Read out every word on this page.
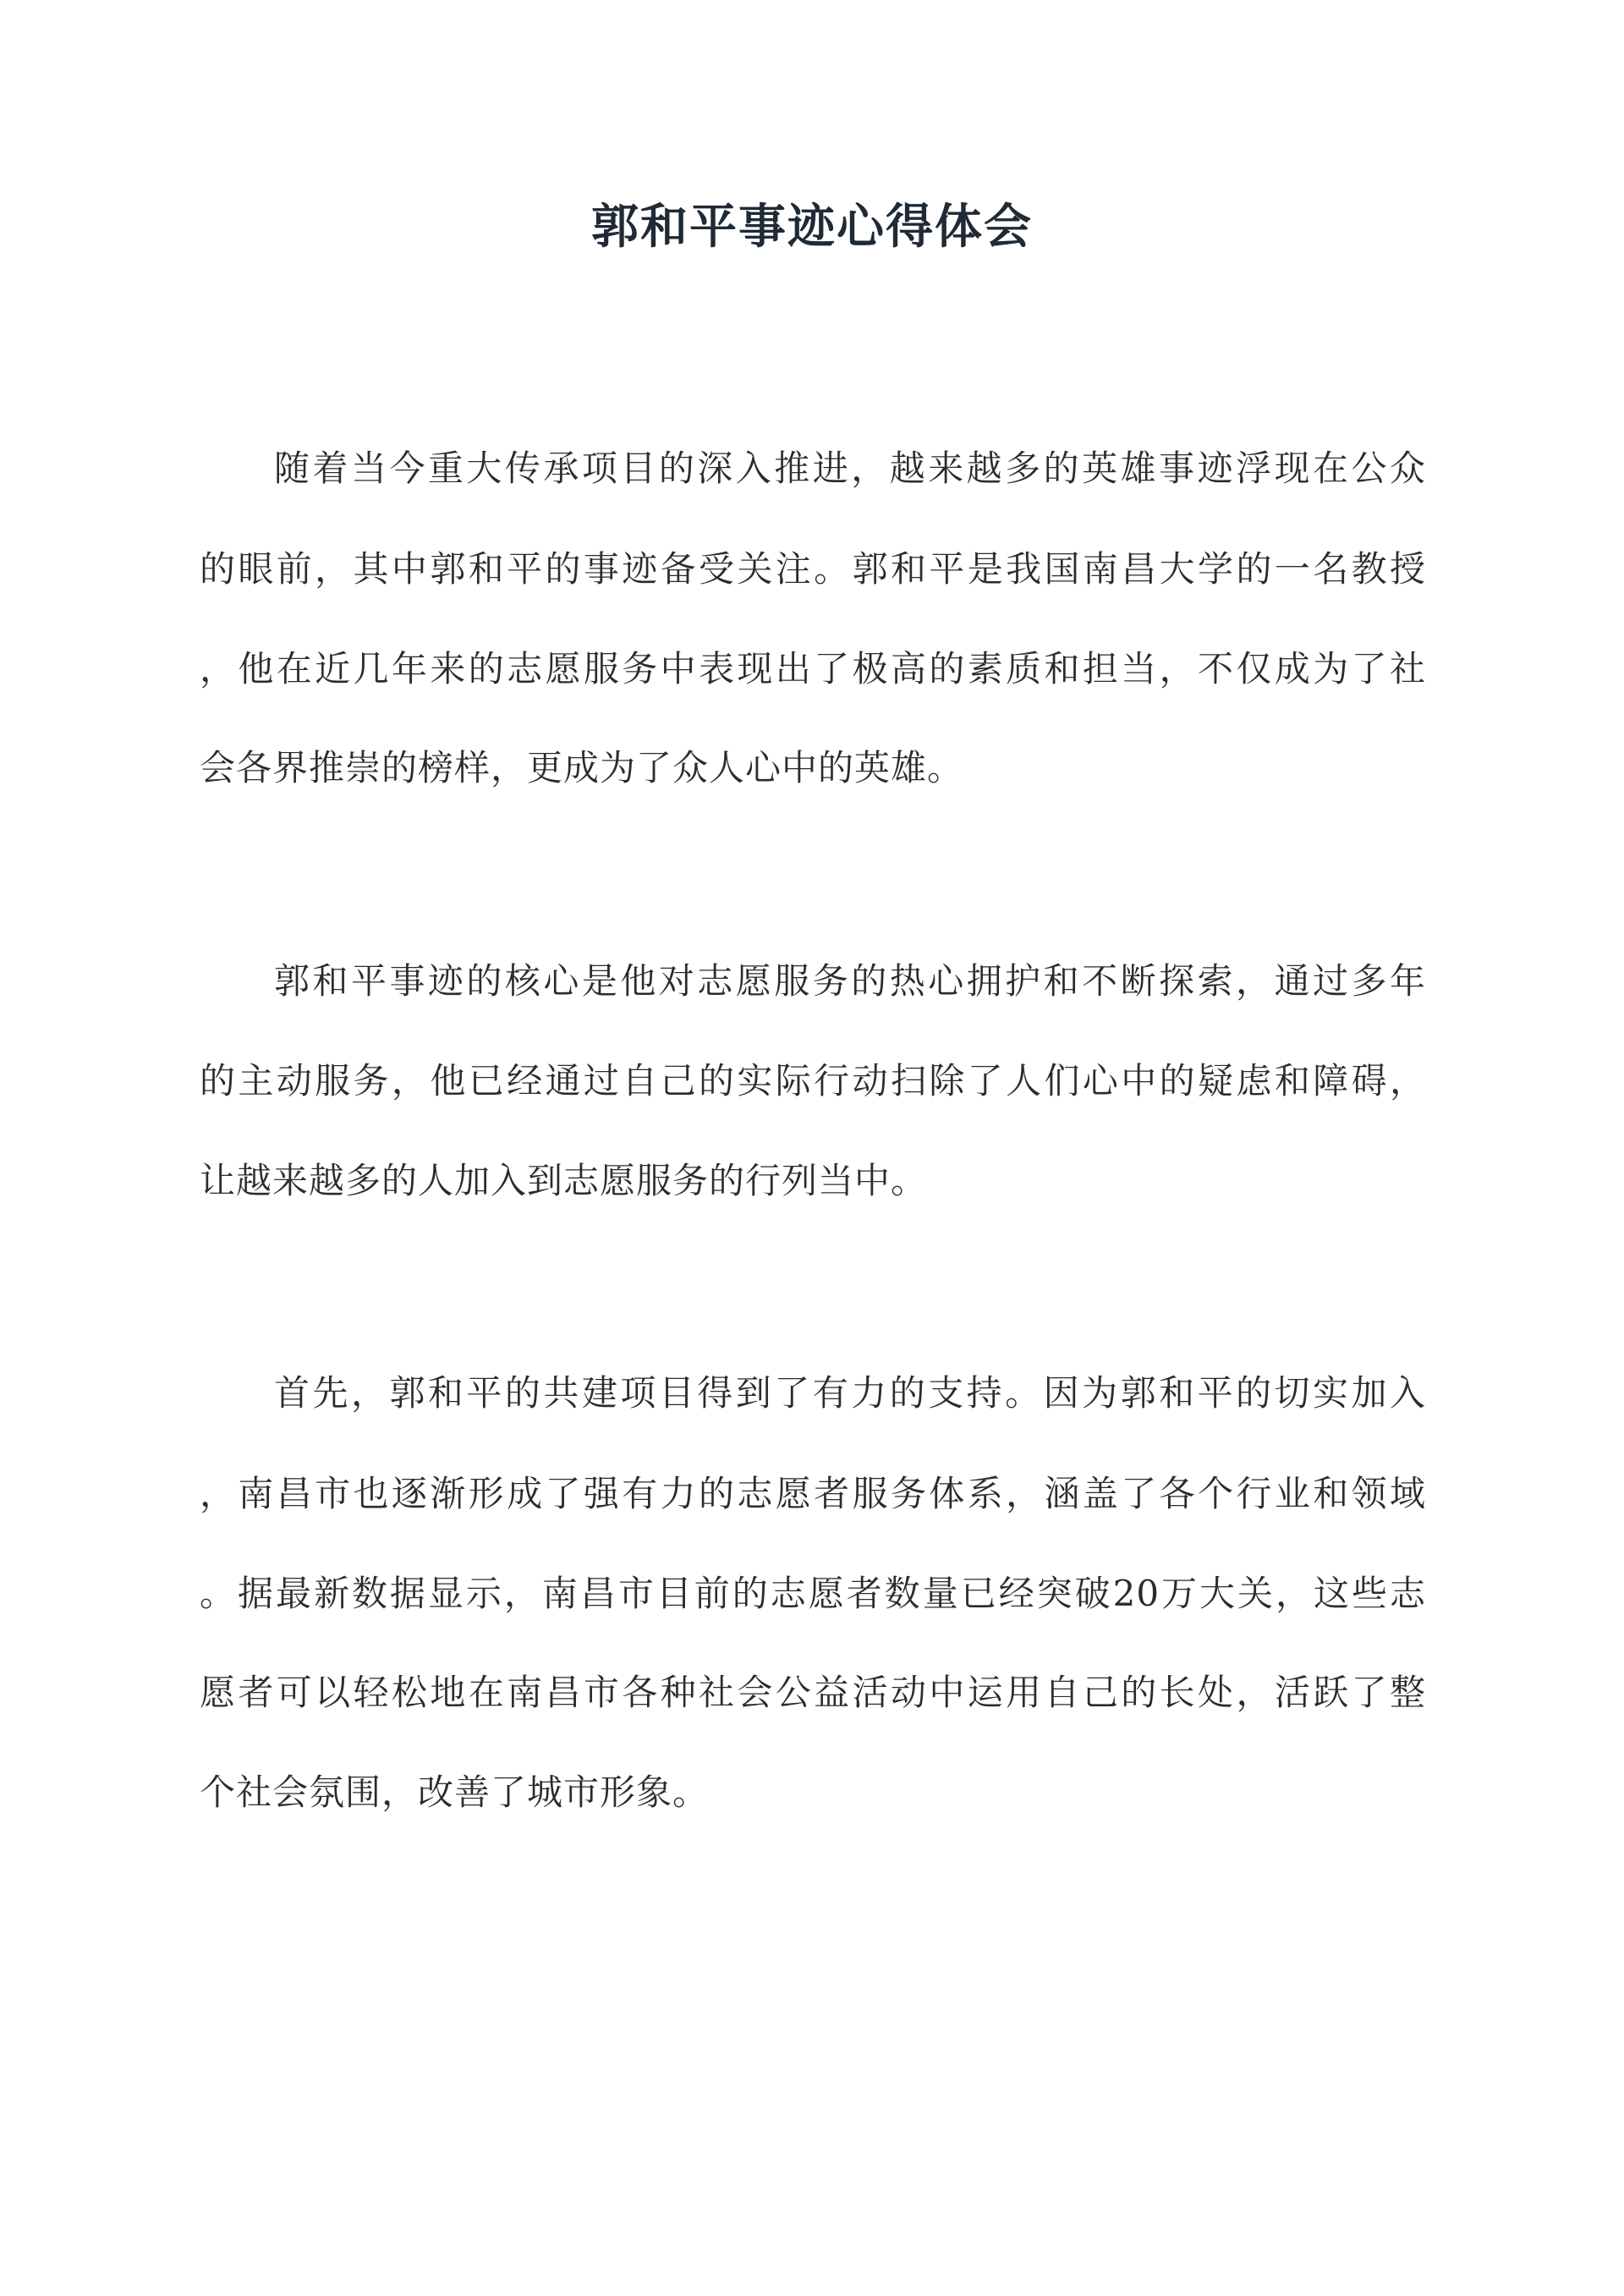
郭和平事迹心得体会
随着当今重大传承项目的深入推进，越来越多的英雄事迹浮现在公众
的眼前，其中郭和平的事迹备受关注。郭和平是我国南昌大学的一名教授
，他在近几年来的志愿服务中表现出了极高的素质和担当，不仅成为了社
会各界推崇的榜样，更成为了众人心中的英雄。
郭和平事迹的核心是他对志愿服务的热心拥护和不断探索，通过多年
的主动服务，他已经通过自己的实际行动扫除了人们心中的疑虑和障碍，
让越来越多的人加入到志愿服务的行列当中。
首先，郭和平的共建项目得到了有力的支持。因为郭和平的切实加入
，南昌市也逐渐形成了强有力的志愿者服务体系，涵盖了各个行业和领域
。据最新数据显示，南昌市目前的志愿者数量已经突破20万大关，这些志
愿者可以轻松地在南昌市各种社会公益活动中运用自己的长处，活跃了整
个社会氛围，改善了城市形象。
